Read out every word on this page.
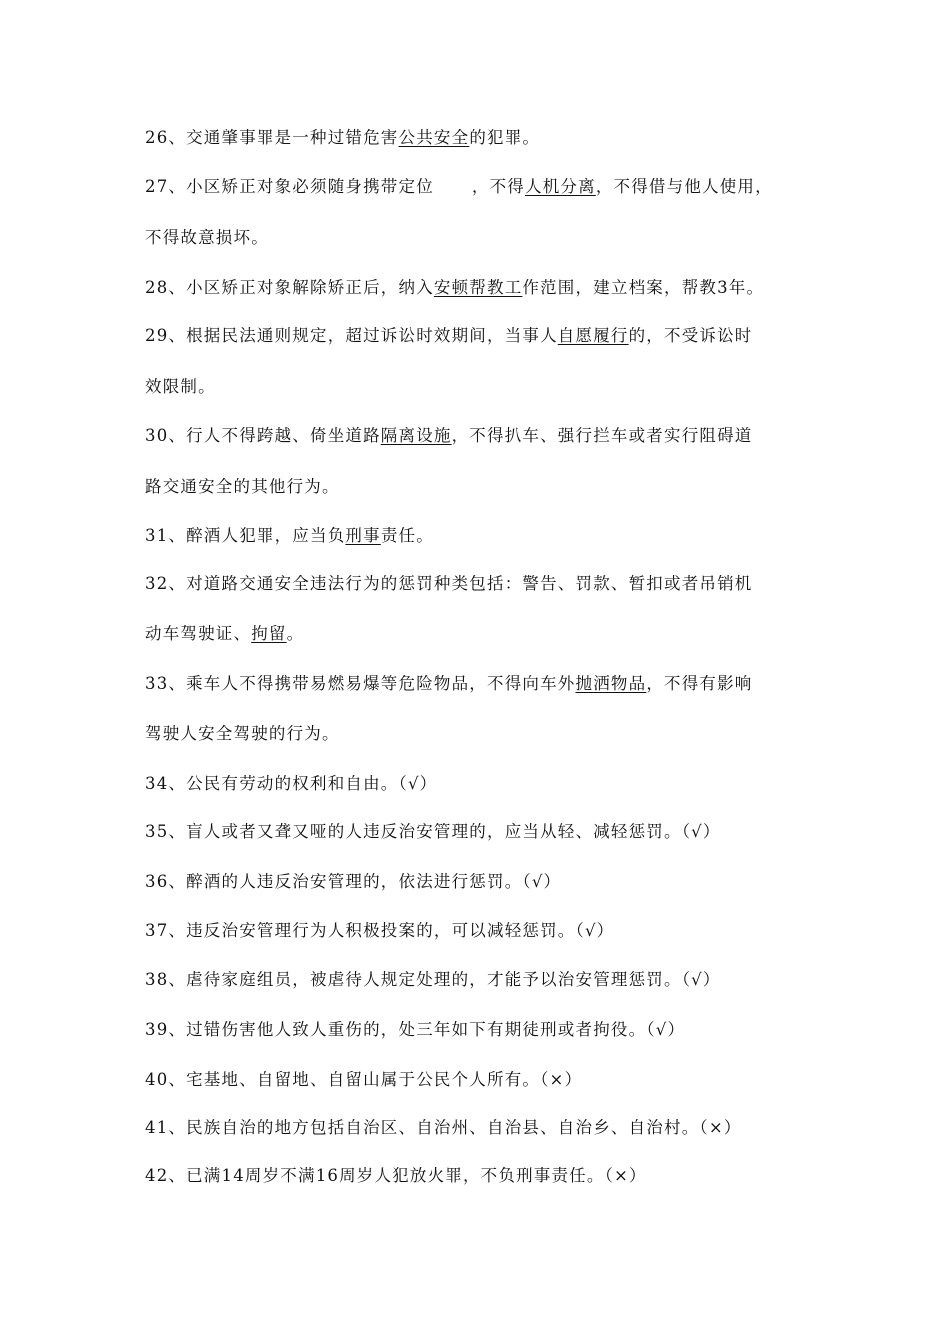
26、交通肇事罪是一种过错危害公共安全的犯罪。
27、小区矫正对象必须随身携带定位 ，不得人机分离，不得借与他人使用，
不得故意损坏。
28、小区矫正对象解除矫正后，纳入安顿帮教工作范围，建立档案，帮教3年。
29、根据民法通则规定，超过诉讼时效期间，当事人自愿履行的，不受诉讼时
效限制。
30、行人不得跨越、倚坐道路隔离设施，不得扒车、强行拦车或者实行阻碍道
路交通安全的其他行为。
31、醉酒人犯罪，应当负刑事责任。
32、对道路交通安全违法行为的惩罚种类包括：警告、罚款、暂扣或者吊销机
动车驾驶证、拘留。
33、乘车人不得携带易燃易爆等危险物品，不得向车外抛洒物品，不得有影响
驾驶人安全驾驶的行为。
34、公民有劳动的权利和自由。（√）
35、盲人或者又聋又哑的人违反治安管理的，应当从轻、减轻惩罚。（√）
36、醉酒的人违反治安管理的，依法进行惩罚。（√）
37、违反治安管理行为人积极投案的，可以减轻惩罚。（√）
38、虐待家庭组员，被虐待人规定处理的，才能予以治安管理惩罚。（√）
39、过错伤害他人致人重伤的，处三年如下有期徒刑或者拘役。（√）
40、宅基地、自留地、自留山属于公民个人所有。（×）
41、民族自治的地方包括自治区、自治州、自治县、自治乡、自治村。（×）
42、已满14周岁不满16周岁人犯放火罪，不负刑事责任。（×）
